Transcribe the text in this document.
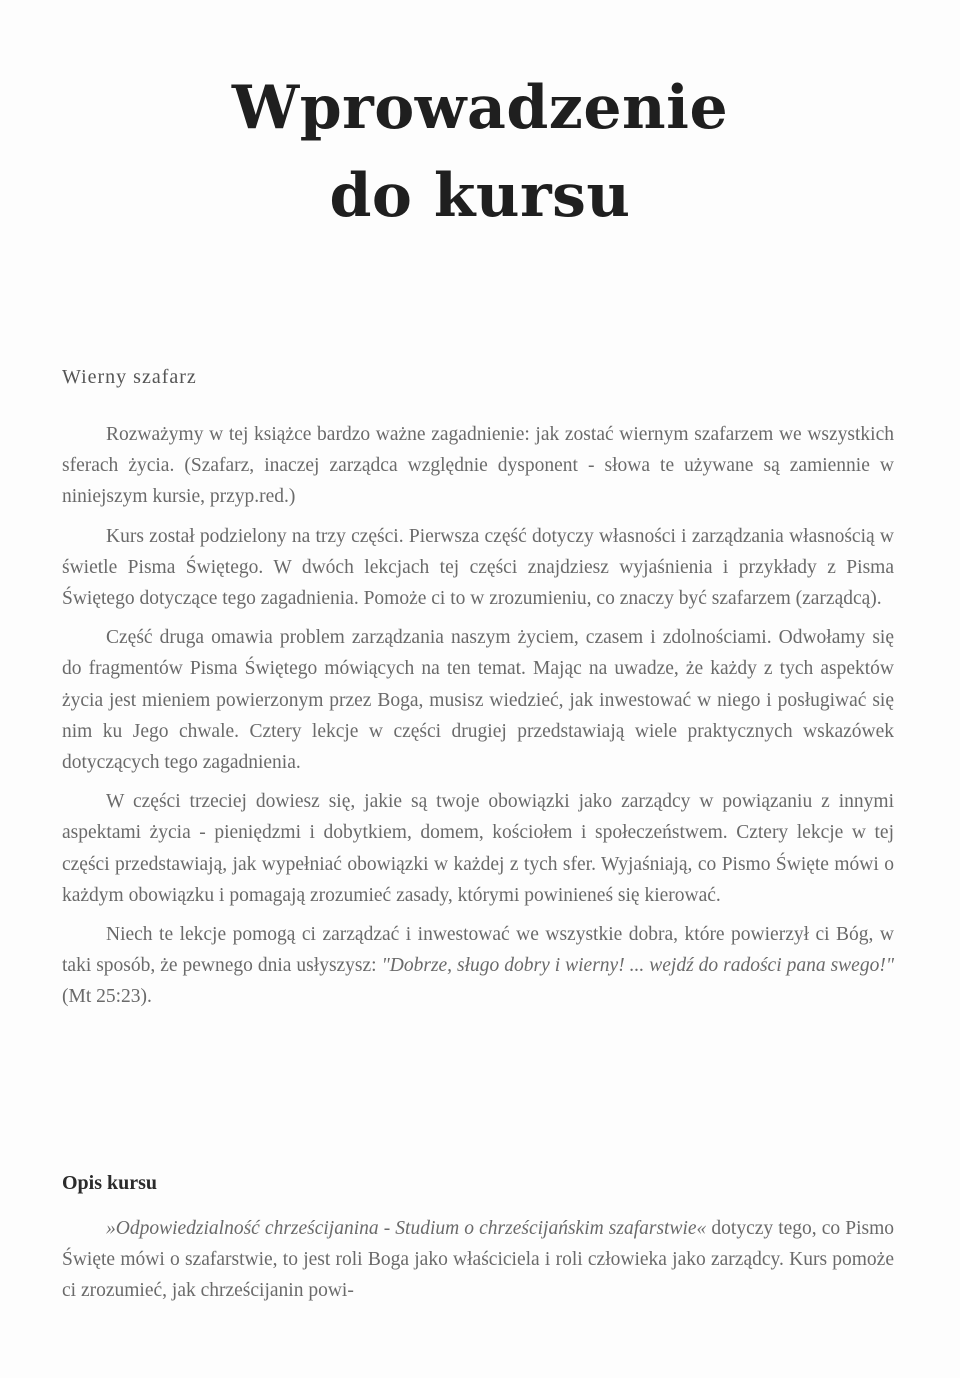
Wprowadzenie
do kursu
Wierny szafarz

Rozważymy w tej książce bardzo ważne zagadnienie: jak zostać wiernym szafarzem we wszystkich sferach życia. (Szafarz, inaczej zarządca względnie dysponent - słowa te używane są zamiennie w niniejszym kursie, przyp.red.)

Kurs został podzielony na trzy części. Pierwsza część dotyczy własności i zarządzania własnością w świetle Pisma Świętego. W dwóch lekcjach tej części znajdziesz wyjaśnienia i przykłady z Pisma Świętego dotyczące tego zagadnienia. Pomoże ci to w zrozumieniu, co znaczy być szafarzem (zarządcą).

Część druga omawia problem zarządzania naszym życiem, czasem i zdolnościami. Odwołamy się do fragmentów Pisma Świętego mówiących na ten temat. Mając na uwadze, że każdy z tych aspektów życia jest mieniem powierzonym przez Boga, musisz wiedzieć, jak inwestować w niego i posługiwać się nim ku Jego chwale. Cztery lekcje w części drugiej przedstawiają wiele praktycznych wskazówek dotyczących tego zagadnienia.

W części trzeciej dowiesz się, jakie są twoje obowiązki jako zarządcy w powiązaniu z innymi aspektami życia - pieniędzmi i dobytkiem, domem, kościołem i społeczeństwem. Cztery lekcje w tej części przedstawiają, jak wypełniać obowiązki w każdej z tych sfer. Wyjaśniają, co Pismo Święte mówi o każdym obowiązku i pomagają zrozumieć zasady, którymi powinieneś się kierować.

Niech te lekcje pomogą ci zarządzać i inwestować we wszystkie dobra, które powierzył ci Bóg, w taki sposób, że pewnego dnia usłyszysz: "Dobrze, sługo dobry i wierny! ... wejdź do radości pana swego!" (Mt 25:23).

Opis kursu

»Odpowiedzialność chrześcijanina - Studium o chrześcijańskim szafarstwie« dotyczy tego, co Pismo Święte mówi o szafarstwie, to jest roli Boga jako właściciela i roli człowieka jako zarządcy. Kurs pomoże ci zrozumieć, jak chrześcijanin powi-
